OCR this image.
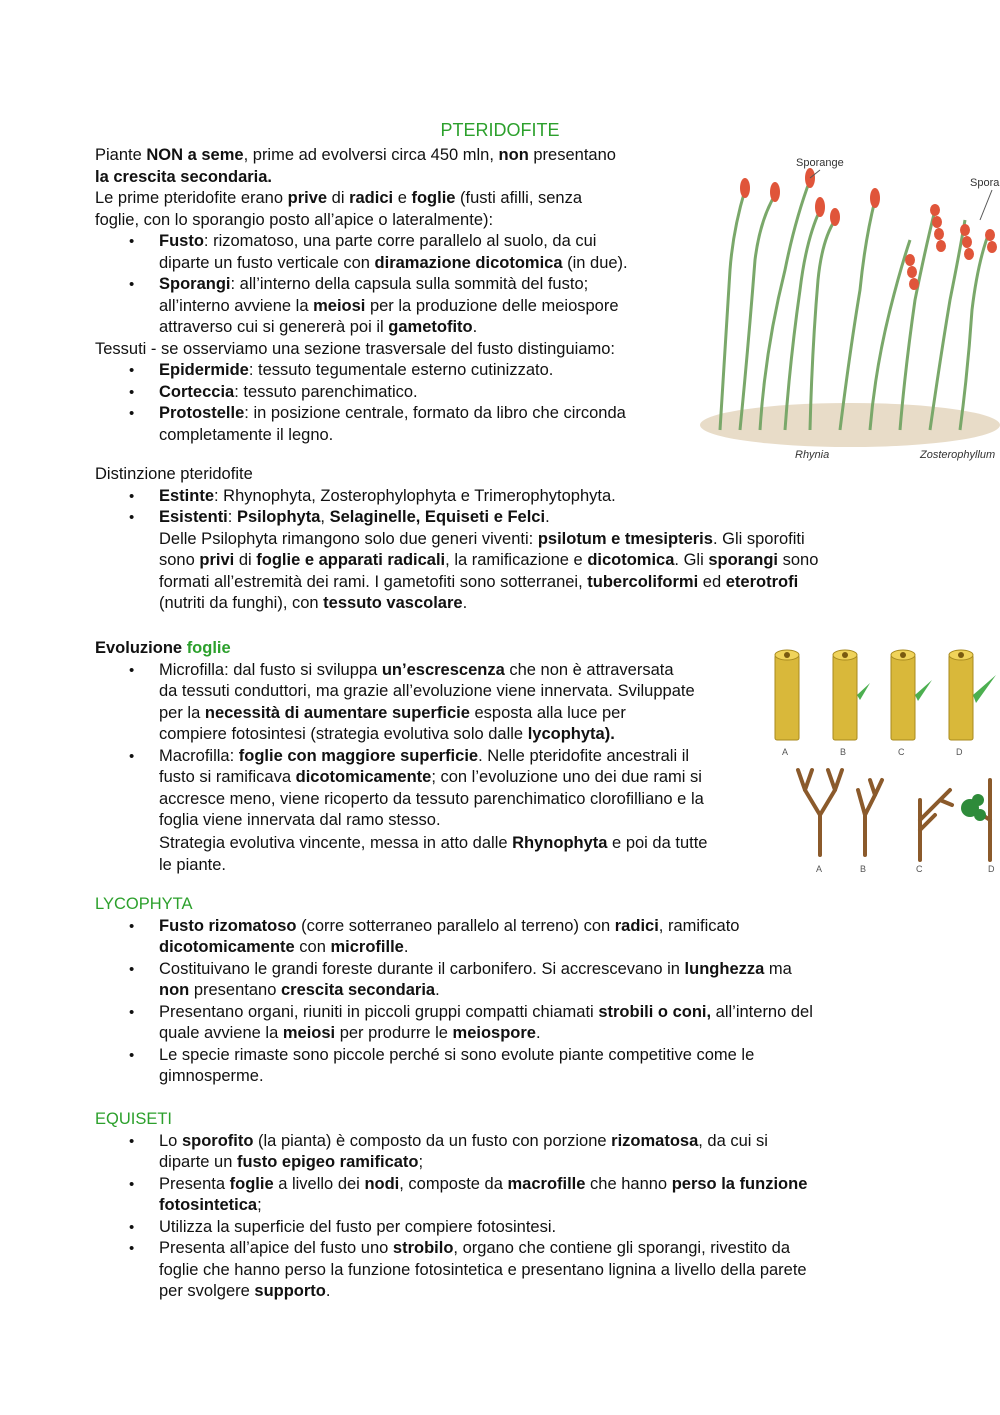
PTERIDOFITE

Piante NON a seme, prime ad evolversi circa 450 mln, non presentano

la crescita secondaria.

Le prime pteridofite erano prive di radici e foglie (fusti afilli, senza

foglie, con lo sporangio posto all’apice o lateralmente):

• Fusto: rizomatoso, una parte corre parallelo al suolo, da cui
diparte un fusto verticale con diramazione dicotomica (in due).
• Sporangi: all’interno della capsula sulla sommità del fusto;
all’interno avviene la meiosi per la produzione delle meiospore
attraverso cui si genererà poi il gametofito.

Tessuti - se osserviamo una sezione trasversale del fusto distinguiamo:

• Epidermide: tessuto tegumentale esterno cutinizzato.
• Corteccia: tessuto parenchimatico.
• Protostelle: in posizione centrale, formato da libro che circonda
completamente il legno.
Sporange
Spora
Rhynia	Zosterophyllum

Distinzione pteridofite

• Estinte: Rhynophyta, Zosterophylophyta e Trimerophytophyta.
• Esistenti: Psilophyta, Selaginelle, Equiseti e Felci.

Delle Psilophyta rimangono solo due generi viventi: psilotum e tmesipteris. Gli sporofiti

sono privi di foglie e apparati radicali, la ramificazione e dicotomica. Gli sporangi sono

formati all’estremità dei rami. I gametofiti sono sotterranei, tubercoliformi ed eterotrofi

(nutriti da funghi), con tessuto vascolare.

Evoluzione foglie

• Microfilla: dal fusto si sviluppa un’escrescenza che non è attraversata
da tessuti conduttori, ma grazie all’evoluzione viene innervata. Sviluppate
per la necessità di aumentare superficie esposta alla luce per
compiere fotosintesi (strategia evolutiva solo dalle lycophyta).
• Macrofilla: foglie con maggiore superficie. Nelle pteridofite ancestrali il
fusto si ramificava dicotomicamente; con l’evoluzione uno dei due rami si
accresce meno, viene ricoperto da tessuto parenchimatico clorofilliano e la
foglia viene innervata dal ramo stesso.
Strategia evolutiva vincente, messa in atto dalle Rhynophyta e poi da tutte
le piante.
A	B	C	D
A	B	C	D

LYCOPHYTA

• Fusto rizomatoso (corre sotterraneo parallelo al terreno) con radici, ramificato
dicotomicamente con microfille.
• Costituivano le grandi foreste durante il carbonifero. Si accrescevano in lunghezza ma
non presentano crescita secondaria.
• Presentano organi, riuniti in piccoli gruppi compatti chiamati strobili o coni, all’interno del
quale avviene la meiosi per produrre le meiospore.
• Le specie rimaste sono piccole perché si sono evolute piante competitive come le
gimnosperme.

EQUISETI

• Lo sporofito (la pianta) è composto da un fusto con porzione rizomatosa, da cui si
diparte un fusto epigeo ramificato;
• Presenta foglie a livello dei nodi, composte da macrofille che hanno perso la funzione
fotosintetica;
• Utilizza la superficie del fusto per compiere fotosintesi.
• Presenta all’apice del fusto uno strobilo, organo che contiene gli sporangi, rivestito da
foglie che hanno perso la funzione fotosintetica e presentano lignina a livello della parete
per svolgere supporto.
